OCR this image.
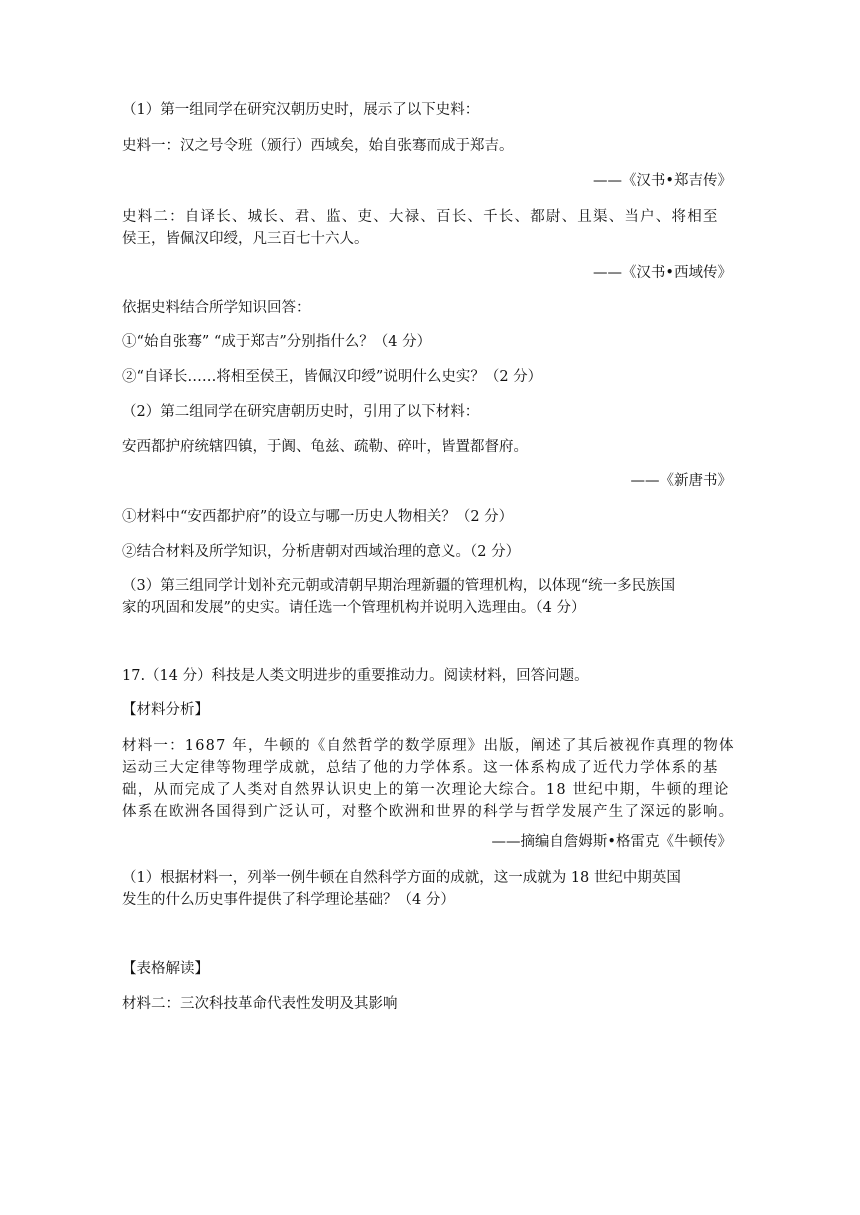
（1）第一组同学在研究汉朝历史时，展示了以下史料：
史料一：汉之号令班（颁行）西域矣，始自张骞而成于郑吉。
——《汉书•郑吉传》
史料二：自译长、城长、君、监、吏、大禄、百长、千长、都尉、且渠、当户、将相至
侯王，皆佩汉印绶，凡三百七十六人。
——《汉书•西域传》
依据史料结合所学知识回答：
①“始自张骞” “成于郑吉”分别指什么？（4 分）
②“自译长……将相至侯王，皆佩汉印绶”说明什么史实？（2 分）
（2）第二组同学在研究唐朝历史时，引用了以下材料：
安西都护府统辖四镇，于阗、龟兹、疏勒、碎叶，皆置都督府。
——《新唐书》
①材料中“安西都护府”的设立与哪一历史人物相关？（2 分）
②结合材料及所学知识，分析唐朝对西域治理的意义。（2 分）
（3）第三组同学计划补充元朝或清朝早期治理新疆的管理机构，以体现“统一多民族国
家的巩固和发展”的史实。请任选一个管理机构并说明入选理由。（4 分）
17.（14 分）科技是人类文明进步的重要推动力。阅读材料，回答问题。
【材料分析】
材料一：1687 年，牛顿的《自然哲学的数学原理》出版，阐述了其后被视作真理的物体
运动三大定律等物理学成就，总结了他的力学体系。这一体系构成了近代力学体系的基
础，从而完成了人类对自然界认识史上的第一次理论大综合。18 世纪中期，牛顿的理论
体系在欧洲各国得到广泛认可，对整个欧洲和世界的科学与哲学发展产生了深远的影响。
——摘编自詹姆斯•格雷克《牛顿传》
（1）根据材料一，列举一例牛顿在自然科学方面的成就，这一成就为 18 世纪中期英国
发生的什么历史事件提供了科学理论基础？（4 分）
【表格解读】
材料二：三次科技革命代表性发明及其影响
